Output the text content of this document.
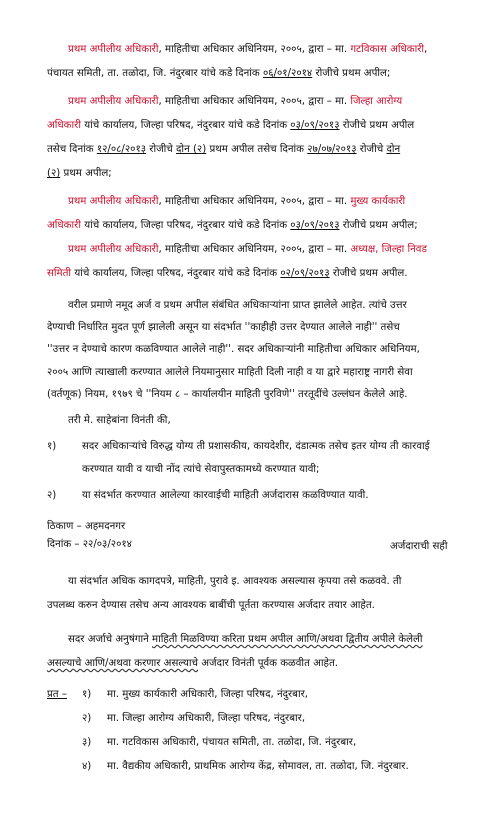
प्रथम अपीलीय अधिकारी, माहितीचा अधिकार अधिनियम, २००५, द्वारा – मा. गटविकास अधिकारी,
पंचायत समिती, ता. तळोदा, जि. नंदुरबार यांचे कडे दिनांक ०६/०१/२०१४ रोजीचे प्रथम अपील;
प्रथम अपीलीय अधिकारी, माहितीचा अधिकार अधिनियम, २००५, द्वारा – मा. जिल्हा आरोग्य
अधिकारी यांचे कार्यालय, जिल्हा परिषद, नंदुरबार यांचे कडे दिनांक ०३/०९/२०१३ रोजीचे प्रथम अपील
तसेच दिनांक १२/०८/२०१३ रोजीचे दोन (२) प्रथम अपील तसेच दिनांक २७/०७/२०१३ रोजीचे दोन
(२) प्रथम अपील;
प्रथम अपीलीय अधिकारी, माहितीचा अधिकार अधिनियम, २००५, द्वारा – मा. मुख्य कार्यकारी
अधिकारी यांचे कार्यालय, जिल्हा परिषद, नंदुरबार यांचे कडे दिनांक ०३/०९/२०१३ रोजीचे प्रथम अपील;
प्रथम अपीलीय अधिकारी, माहितीचा अधिकार अधिनियम, २००५, द्वारा – मा. अध्यक्ष, जिल्हा निवड
समिती यांचे कार्यालय, जिल्हा परिषद, नंदुरबार यांचे कडे दिनांक ०२/०९/२०१३ रोजीचे प्रथम अपील.
वरील प्रमाणे नमूद अर्ज व प्रथम अपील संबंधित अधिकाऱ्यांना प्राप्त झालेले आहेत. त्यांचे उत्तर
देण्याची निर्धारित मुदत पूर्ण झालेली असून या संदर्भात ''काहीही उत्तर देण्यात आलेले नाही'' तसेच
''उत्तर न देण्याचे कारण कळविण्यात आलेले नाही''. सदर अधिकाऱ्यांनी माहितीचा अधिकार अधिनियम,
२००५ आणि त्याखाली करण्यात आलेले नियमानुसार माहिती दिली नाही व या द्वारे महाराष्ट्र नागरी सेवा
(वर्तणूक) नियम, १९७९ चे ''नियम ८ – कार्यालयीन माहिती पुरविणे'' तरतूदींचे उल्लंघन केलेले आहे.
तरी मे. साहेबांना विनंती की,
१)	सदर अधिकाऱ्यांचे विरुद्ध योग्य ती प्रशासकीय, कायदेशीर, दंडात्मक तसेच इतर योग्य ती कारवाई
करण्यात यावी व याची नोंद त्यांचे सेवापुस्तकामध्ये करण्यात यावी;
२)	या संदर्भात करण्यात आलेल्या कारवाईची माहिती अर्जदारास कळविण्यात यावी.
ठिकाण – अहमदनगर
दिनांक – २२/०३/२०१४	अर्जदाराची सही
या संदर्भात अधिक कागदपत्रे, माहिती, पुरावे इ. आवश्यक असल्यास कृपया तसे कळववे. ती
उपलब्ध करुन देण्यास तसेच अन्य आवश्यक बाबींची पूर्तता करण्यास अर्जदार तयार आहेत.
सदर अर्जाचे अनुषंगाने माहिती मिळविण्या करिता प्रथम अपील आणि/अथवा द्वितीय अपीले केलेली
असल्याचे आणि/अथवा करणार असल्याचे अर्जदार विनंती पूर्वक कळवीत आहेत.
प्रत – १) मा. मुख्य कार्यकारी अधिकारी, जिल्हा परिषद, नंदुरबार,
२) मा. जिल्हा आरोग्य अधिकारी, जिल्हा परिषद, नंदुरबार,
३) मा. गटविकास अधिकारी, पंचायत समिती, ता. तळोदा, जि. नंदुरबार,
४) मा. वैद्यकीय अधिकारी, प्राथमिक आरोग्य केंद्र, सोमावल, ता. तळोदा, जि. नंदुरबार.
